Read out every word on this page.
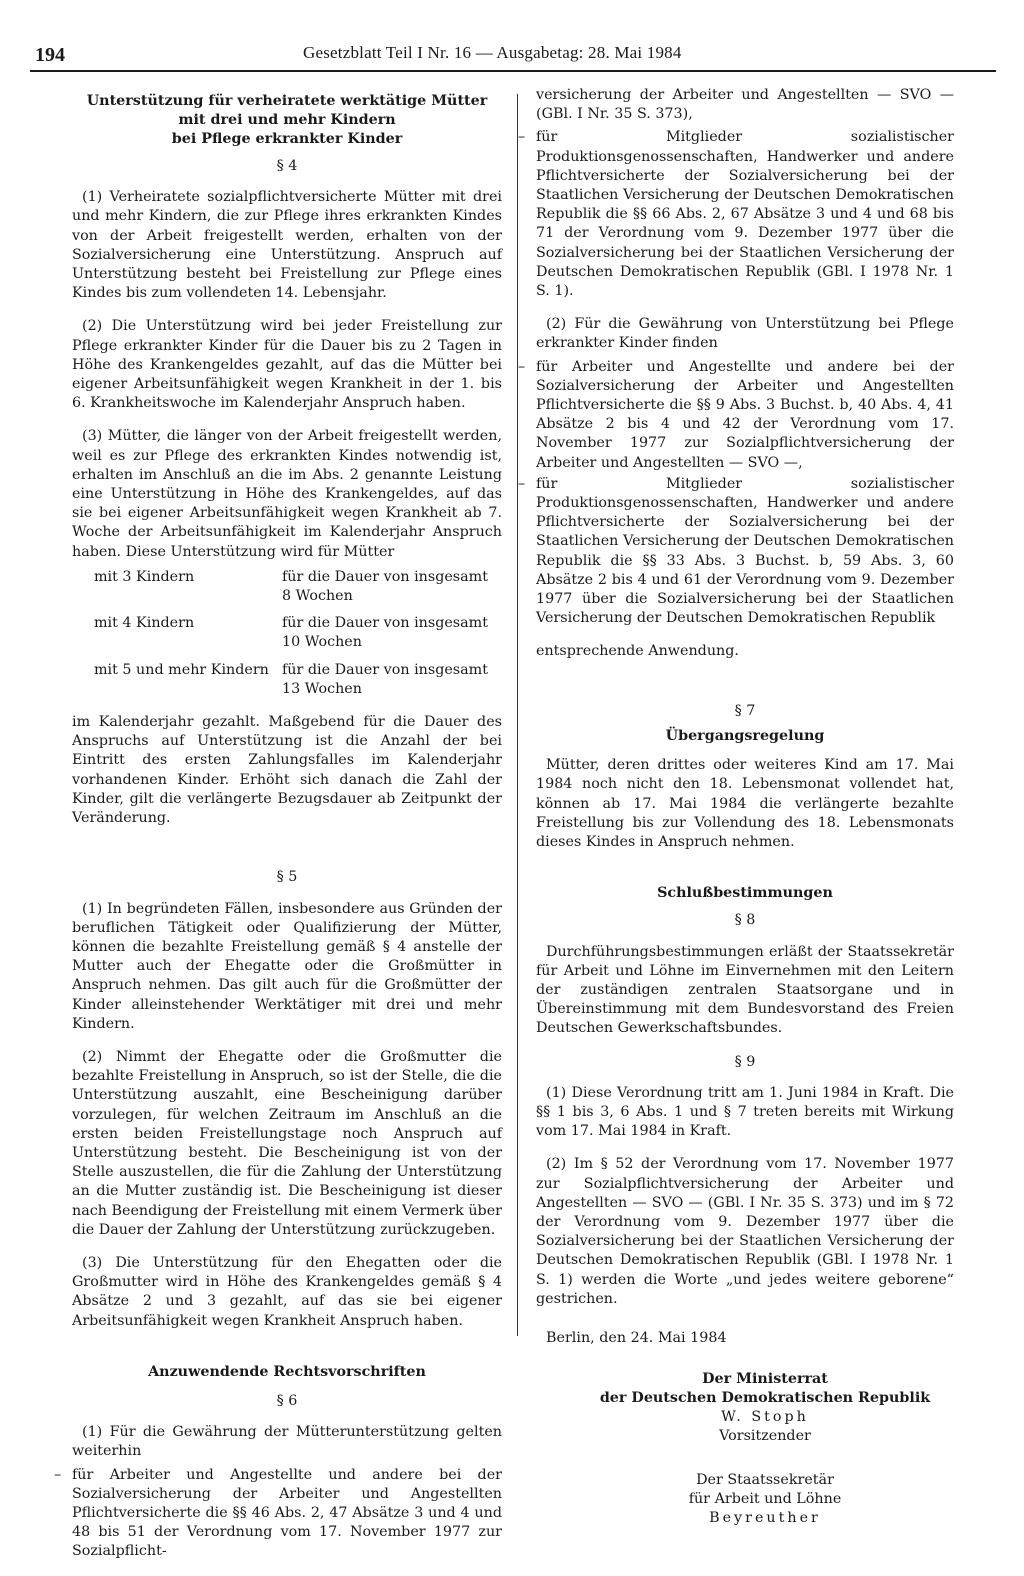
194	Gesetzblatt Teil I Nr. 16 — Ausgabetag: 28. Mai 1984
Unterstützung für verheiratete werktätige Mütter
mit drei und mehr Kindern
bei Pflege erkrankter Kinder
§ 4

(1) Verheiratete sozialpflichtversicherte Mütter mit drei und mehr Kindern, die zur Pflege ihres erkrankten Kindes von der Arbeit freigestellt werden, erhalten von der Sozialversicherung eine Unterstützung. Anspruch auf Unterstützung besteht bei Freistellung zur Pflege eines Kindes bis zum vollendeten 14. Lebensjahr.

(2) Die Unterstützung wird bei jeder Freistellung zur Pflege erkrankter Kinder für die Dauer bis zu 2 Tagen in Höhe des Krankengeldes gezahlt, auf das die Mütter bei eigener Arbeitsunfähigkeit wegen Krankheit in der 1. bis 6. Krankheitswoche im Kalenderjahr Anspruch haben.

(3) Mütter, die länger von der Arbeit freigestellt werden, weil es zur Pflege des erkrankten Kindes notwendig ist, erhalten im Anschluß an die im Abs. 2 genannte Leistung eine Unterstützung in Höhe des Krankengeldes, auf das sie bei eigener Arbeitsunfähigkeit wegen Krankheit ab 7. Woche der Arbeitsunfähigkeit im Kalenderjahr Anspruch haben. Diese Unterstützung wird für Mütter

mit 3 Kindern	für die Dauer von insgesamt 8 Wochen
mit 4 Kindern	für die Dauer von insgesamt 10 Wochen
mit 5 und mehr Kindern	für die Dauer von insgesamt 13 Wochen

im Kalenderjahr gezahlt. Maßgebend für die Dauer des Anspruchs auf Unterstützung ist die Anzahl der bei Eintritt des ersten Zahlungsfalles im Kalenderjahr vorhandenen Kinder. Erhöht sich danach die Zahl der Kinder, gilt die verlängerte Bezugsdauer ab Zeitpunkt der Veränderung.

§ 5

(1) In begründeten Fällen, insbesondere aus Gründen der beruflichen Tätigkeit oder Qualifizierung der Mütter, können die bezahlte Freistellung gemäß § 4 anstelle der Mutter auch der Ehegatte oder die Großmütter in Anspruch nehmen. Das gilt auch für die Großmütter der Kinder alleinstehender Werktätiger mit drei und mehr Kindern.

(2) Nimmt der Ehegatte oder die Großmutter die bezahlte Freistellung in Anspruch, so ist der Stelle, die die Unterstützung auszahlt, eine Bescheinigung darüber vorzulegen, für welchen Zeitraum im Anschluß an die ersten beiden Freistellungstage noch Anspruch auf Unterstützung besteht. Die Bescheinigung ist von der Stelle auszustellen, die für die Zahlung der Unterstützung an die Mutter zuständig ist. Die Bescheinigung ist dieser nach Beendigung der Freistellung mit einem Vermerk über die Dauer der Zahlung der Unterstützung zurückzugeben.

(3) Die Unterstützung für den Ehegatten oder die Großmutter wird in Höhe des Krankengeldes gemäß § 4 Absätze 2 und 3 gezahlt, auf das sie bei eigener Arbeitsunfähigkeit wegen Krankheit Anspruch haben.

Anzuwendende Rechtsvorschriften
§ 6

(1) Für die Gewährung der Mütterunterstützung gelten weiterhin

– für Arbeiter und Angestellte und andere bei der Sozialversicherung der Arbeiter und Angestellten Pflichtversicherte die §§ 46 Abs. 2, 47 Absätze 3 und 4 und 48 bis 51 der Verordnung vom 17. November 1977 zur Sozialpflicht-

versicherung der Arbeiter und Angestellten — SVO — (GBl. I Nr. 35 S. 373),

– für Mitglieder sozialistischer Produktionsgenossenschaften, Handwerker und andere Pflichtversicherte der Sozialversicherung bei der Staatlichen Versicherung der Deutschen Demokratischen Republik die §§ 66 Abs. 2, 67 Absätze 3 und 4 und 68 bis 71 der Verordnung vom 9. Dezember 1977 über die Sozialversicherung bei der Staatlichen Versicherung der Deutschen Demokratischen Republik (GBl. I 1978 Nr. 1 S. 1).

(2) Für die Gewährung von Unterstützung bei Pflege erkrankter Kinder finden

– für Arbeiter und Angestellte und andere bei der Sozialversicherung der Arbeiter und Angestellten Pflichtversicherte die §§ 9 Abs. 3 Buchst. b, 40 Abs. 4, 41 Absätze 2 bis 4 und 42 der Verordnung vom 17. November 1977 zur Sozialpflichtversicherung der Arbeiter und Angestellten — SVO —,
– für Mitglieder sozialistischer Produktionsgenossenschaften, Handwerker und andere Pflichtversicherte der Sozialversicherung bei der Staatlichen Versicherung der Deutschen Demokratischen Republik die §§ 33 Abs. 3 Buchst. b, 59 Abs. 3, 60 Absätze 2 bis 4 und 61 der Verordnung vom 9. Dezember 1977 über die Sozialversicherung bei der Staatlichen Versicherung der Deutschen Demokratischen Republik

entsprechende Anwendung.

§ 7
Übergangsregelung

Mütter, deren drittes oder weiteres Kind am 17. Mai 1984 noch nicht den 18. Lebensmonat vollendet hat, können ab 17. Mai 1984 die verlängerte bezahlte Freistellung bis zur Vollendung des 18. Lebensmonats dieses Kindes in Anspruch nehmen.

Schlußbestimmungen
§ 8

Durchführungsbestimmungen erläßt der Staatssekretär für Arbeit und Löhne im Einvernehmen mit den Leitern der zuständigen zentralen Staatsorgane und in Übereinstimmung mit dem Bundesvorstand des Freien Deutschen Gewerkschaftsbundes.

§ 9

(1) Diese Verordnung tritt am 1. Juni 1984 in Kraft. Die §§ 1 bis 3, 6 Abs. 1 und § 7 treten bereits mit Wirkung vom 17. Mai 1984 in Kraft.

(2) Im § 52 der Verordnung vom 17. November 1977 zur Sozialpflichtversicherung der Arbeiter und Angestellten — SVO — (GBl. I Nr. 35 S. 373) und im § 72 der Verordnung vom 9. Dezember 1977 über die Sozialversicherung bei der Staatlichen Versicherung der Deutschen Demokratischen Republik (GBl. I 1978 Nr. 1 S. 1) werden die Worte „und jedes weitere geborene“ gestrichen.

Berlin, den 24. Mai 1984

Der Ministerrat
der Deutschen Demokratischen Republik
W. Stoph
Vorsitzender
Der Staatssekretär
für Arbeit und Löhne
Beyreuther
